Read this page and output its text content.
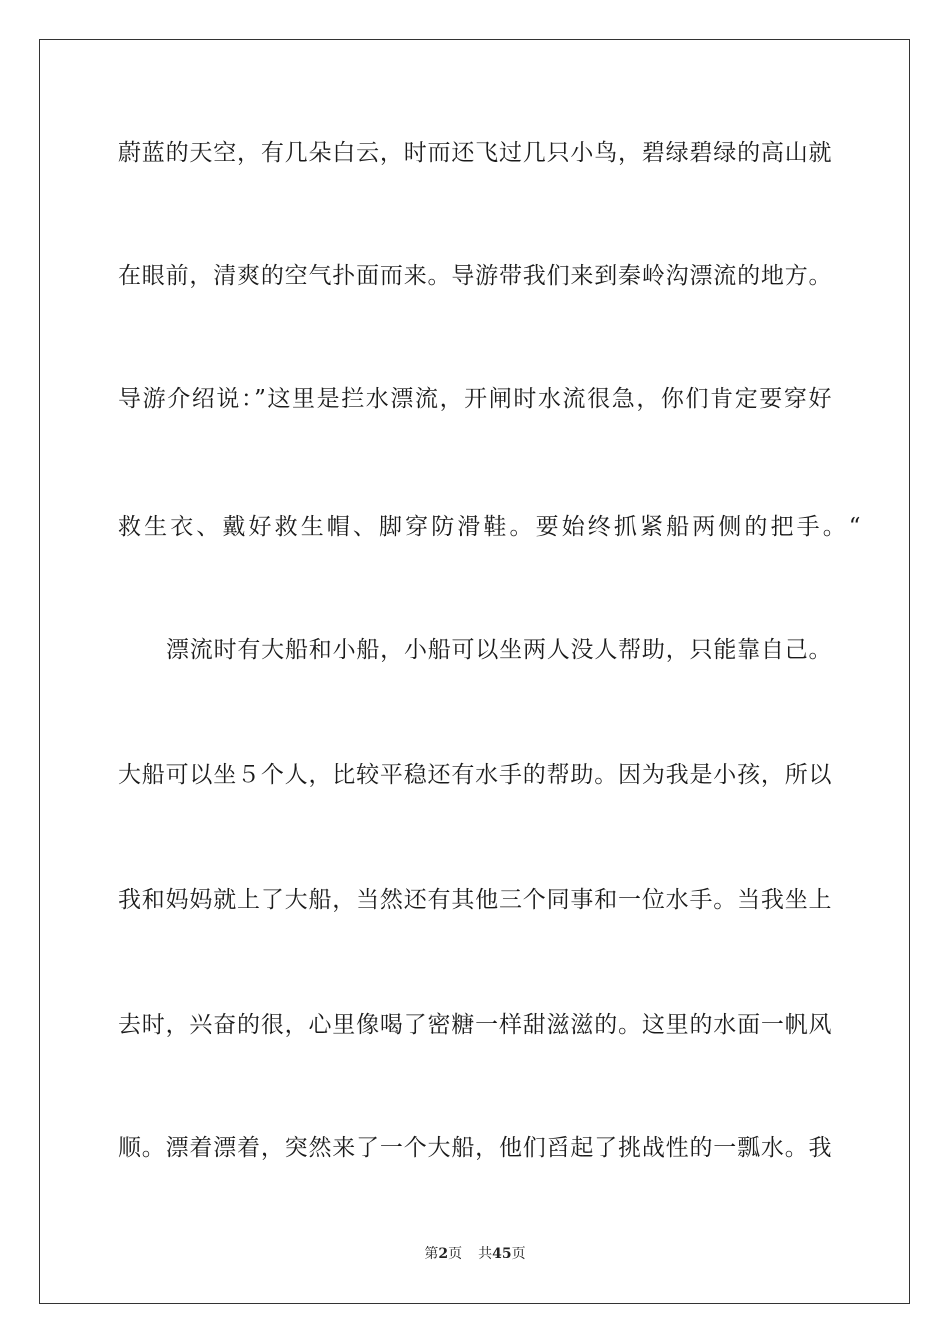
蔚蓝的天空，有几朵白云，时而还飞过几只小鸟，碧绿碧绿的高山就
在眼前，清爽的空气扑面而来。导游带我们来到秦岭沟漂流的地方。
导游介绍说：”这里是拦水漂流，开闸时水流很急，你们肯定要穿好
救生衣、戴好救生帽、脚穿防滑鞋。要始终抓紧船两侧的把手。“
漂流时有大船和小船，小船可以坐两人没人帮助，只能靠自己。
大船可以坐５个人，比较平稳还有水手的帮助。因为我是小孩，所以
我和妈妈就上了大船，当然还有其他三个同事和一位水手。当我坐上
去时，兴奋的很，心里像喝了密糖一样甜滋滋的。这里的水面一帆风
顺。漂着漂着，突然来了一个大船，他们舀起了挑战性的一瓢水。我
第2页 共45页
